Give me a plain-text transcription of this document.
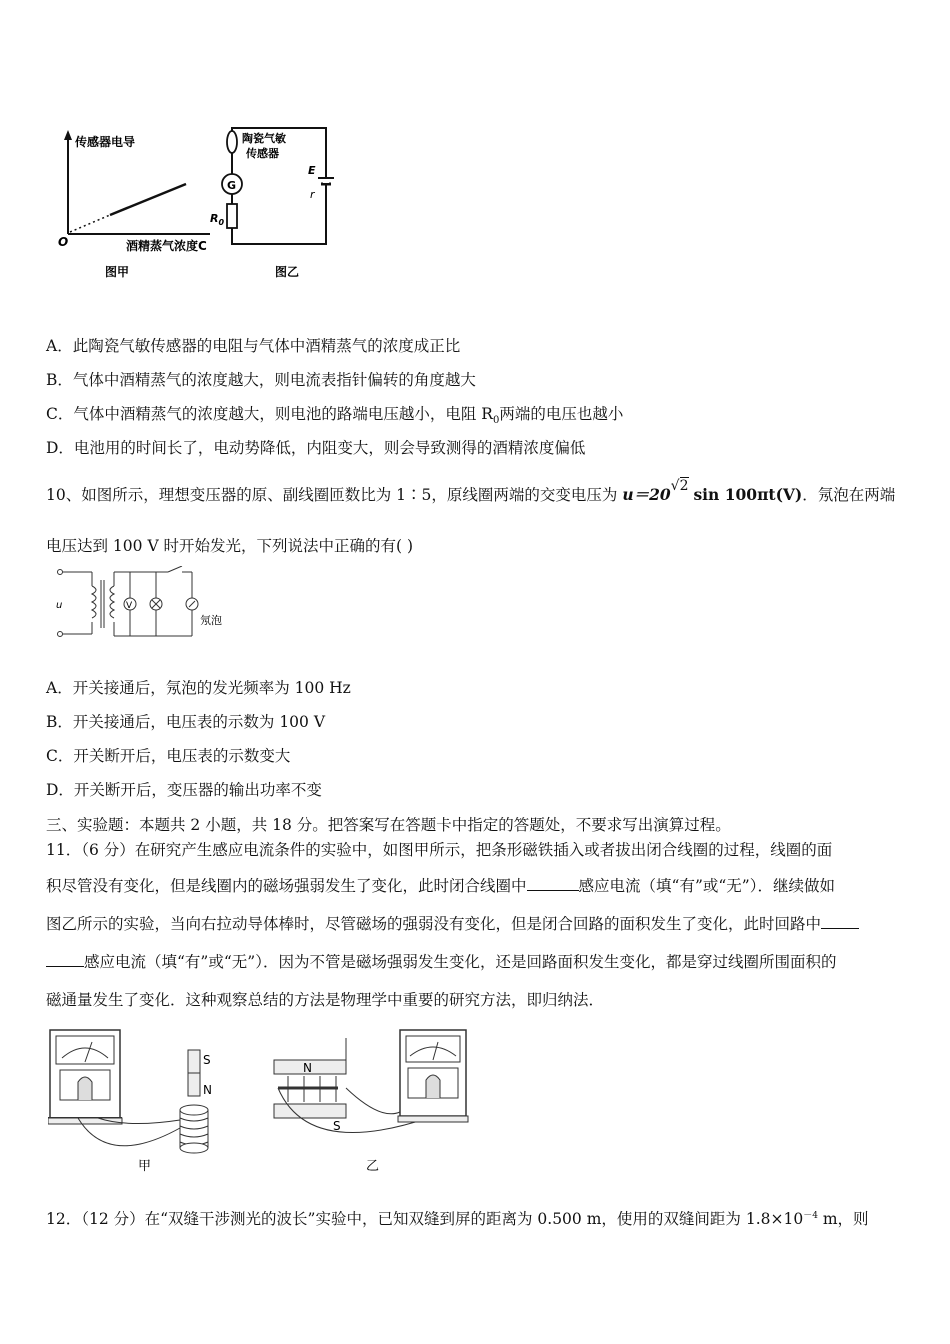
传感器电导
O	酒精蒸气浓度C
图甲
陶瓷气敏
传感器
G
$R_0$
E
r
图乙
A．此陶瓷气敏传感器的电阻与气体中酒精蒸气的浓度成正比
B．气体中酒精蒸气的浓度越大，则电流表指针偏转的角度越大
C．气体中酒精蒸气的浓度越大，则电池的路端电压越小，电阻 $R_0$两端的电压也越小
D．电池用的时间长了，电动势降低，内阻变大，则会导致测得的酒精浓度偏低
10、如图所示，理想变压器的原、副线圈匝数比为 1∶5，原线圈两端的交变电压为 u＝20√2 sin 100πt(V)．氖泡在两端
电压达到 100 V 时开始发光，下列说法中正确的有( )
u	V
氖泡
A．开关接通后，氖泡的发光频率为 100 Hz
B．开关接通后，电压表的示数为 100 V
C．开关断开后，电压表的示数变大
D．开关断开后，变压器的输出功率不变
三、实验题：本题共 2 小题，共 18 分。把答案写在答题卡中指定的答题处，不要求写出演算过程。
11．（6 分）在研究产生感应电流条件的实验中，如图甲所示，把条形磁铁插入或者拔出闭合线圈的过程，线圈的面
积尽管没有变化，但是线圈内的磁场强弱发生了变化，此时闭合线圈中	感应电流（填“有”或“无”）．继续做如
图乙所示的实验，当向右拉动导体棒时，尽管磁场的强弱没有变化，但是闭合回路的面积发生了变化，此时回路中
感应电流（填“有”或“无”）．因为不管是磁场强弱发生变化，还是回路面积发生变化，都是穿过线圈所围面积的
磁通量发生了变化．这种观察总结的方法是物理学中重要的研究方法，即归纳法．
S
N
甲
N
S
乙
12．（12 分）在“双缝干涉测光的波长”实验中，已知双缝到屏的距离为 0.500 m，使用的双缝间距为 $1.8\times 10^{-4}$ m，则
